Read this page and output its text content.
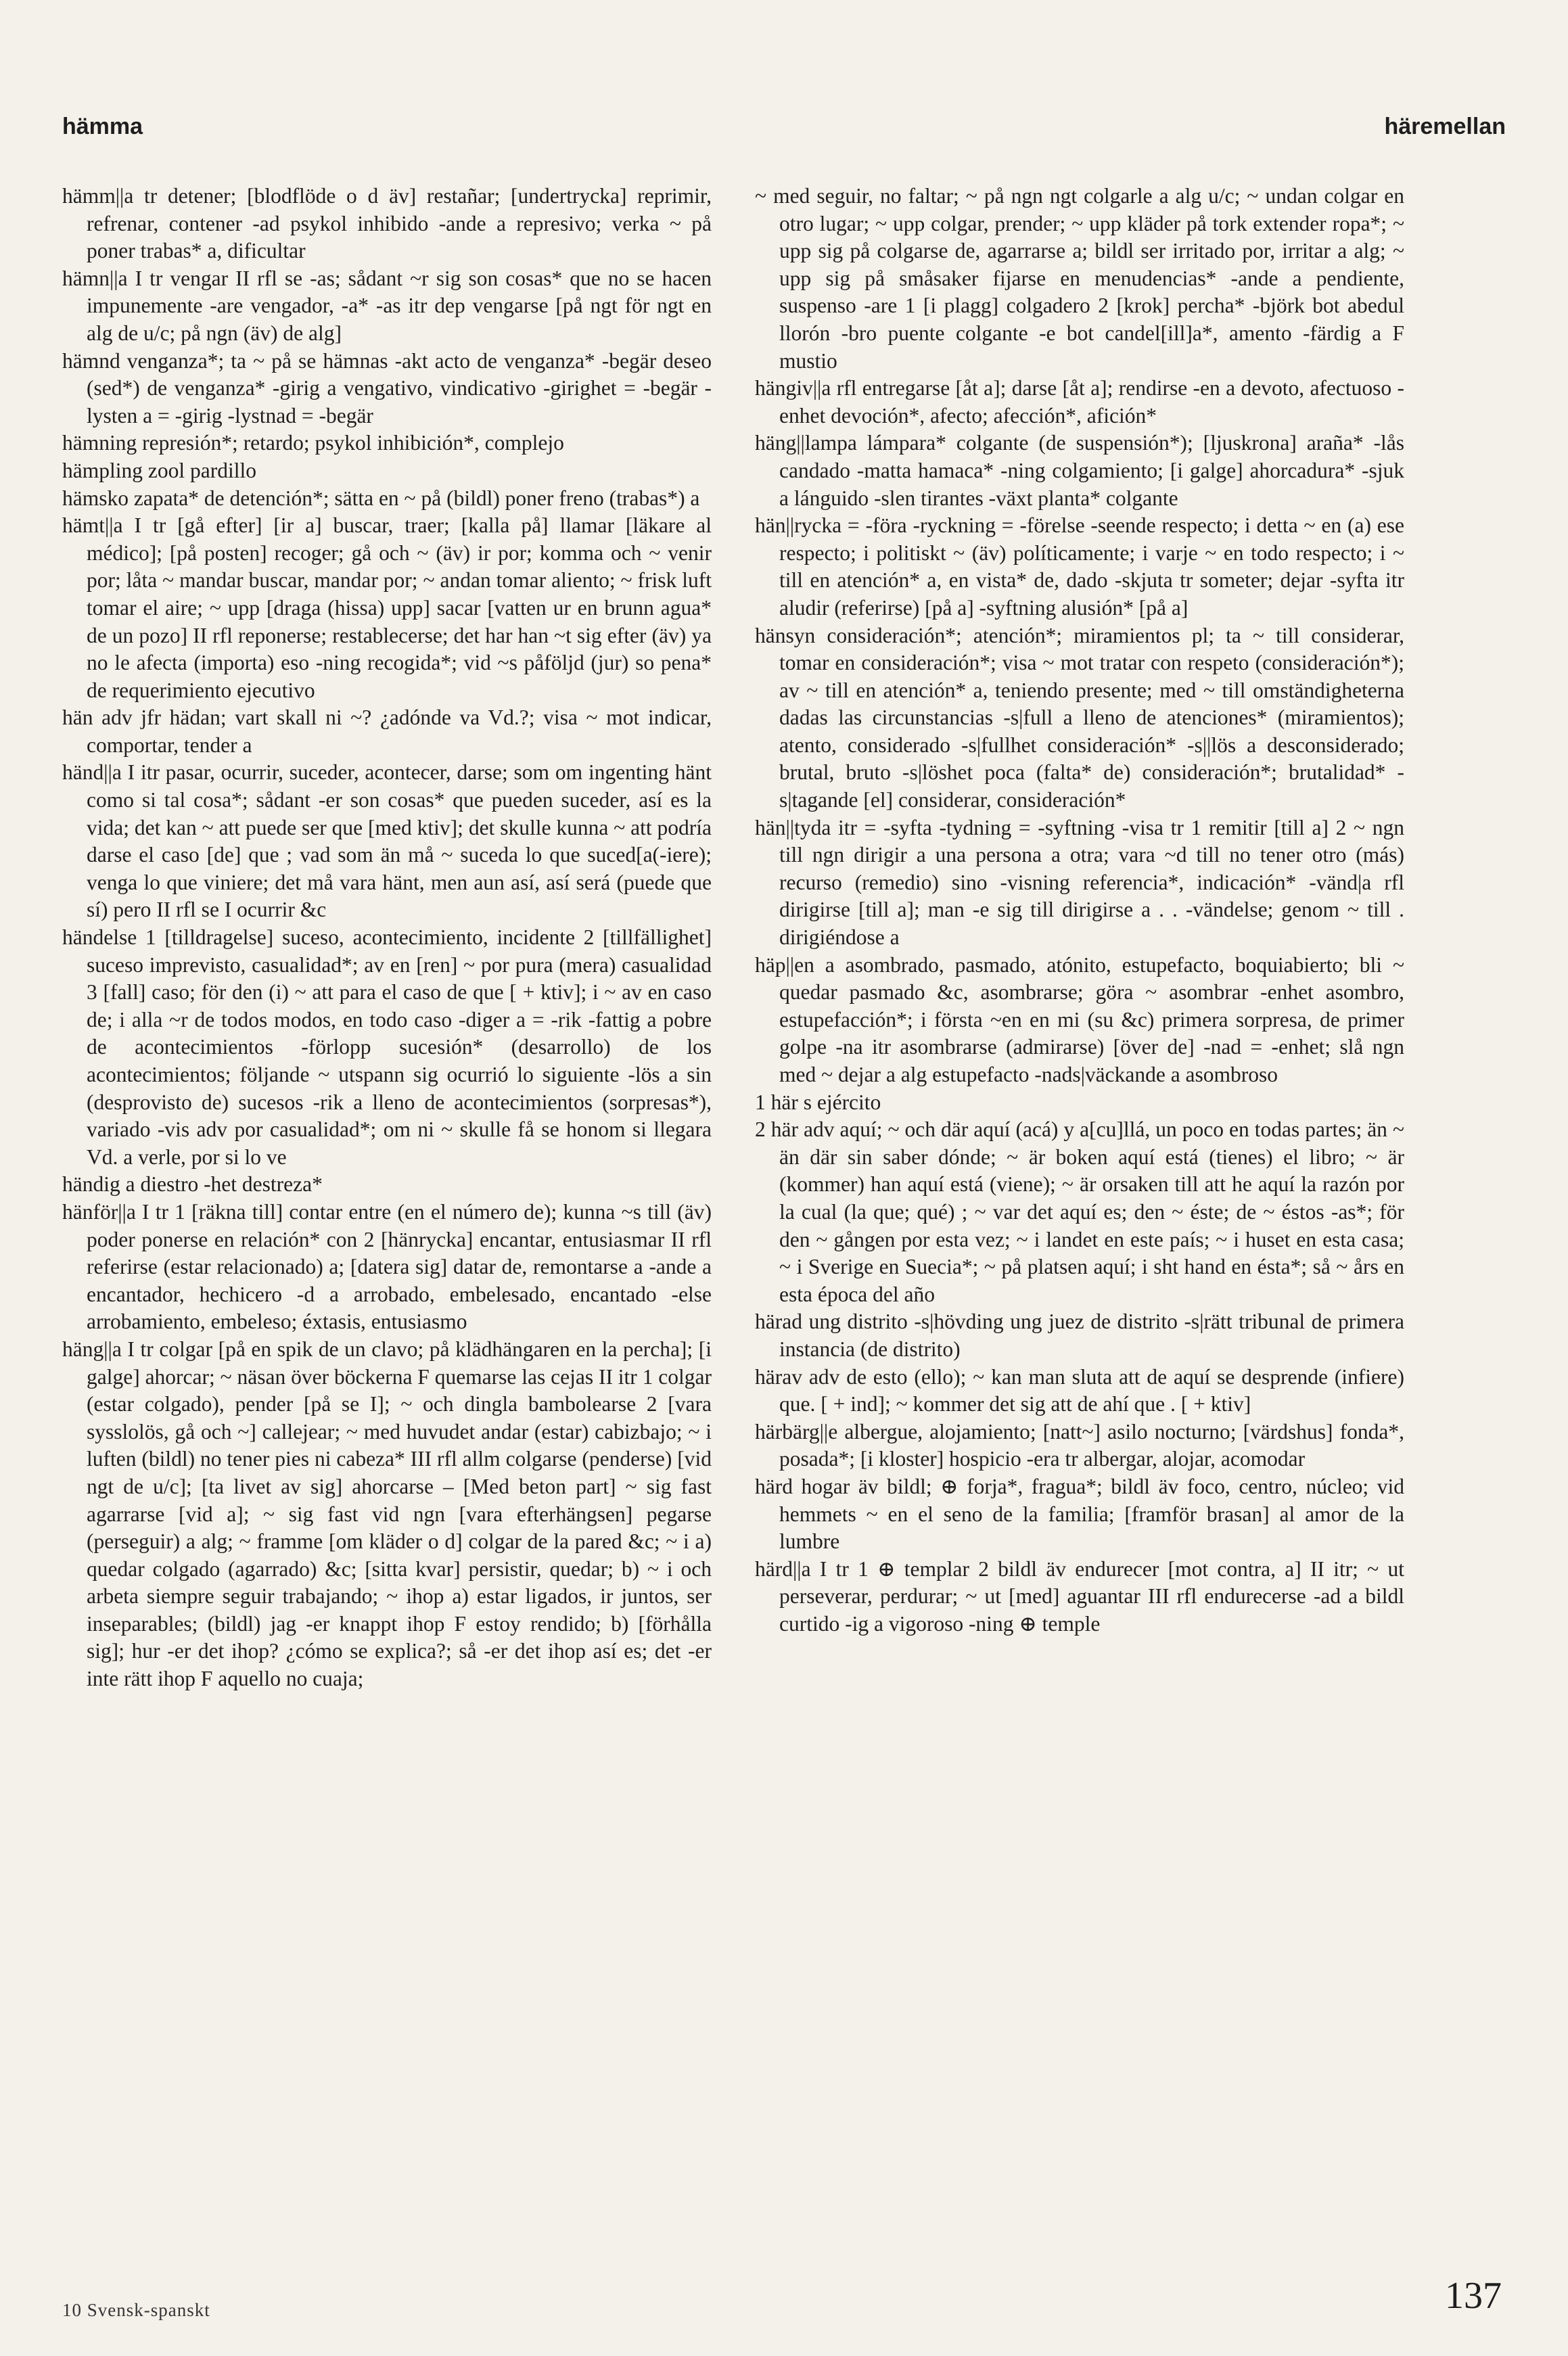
hämma	häremellan

hämm||a tr detener; [blodflöde o d äv] restañar; [undertrycka] reprimir, refrenar, contener -ad psykol inhibido -ande a represivo; verka ~ på poner trabas* a, dificultar

hämn||a I tr vengar II rfl se -as; sådant ~r sig son cosas* que no se hacen impunemente -are vengador, -a* -as itr dep vengarse [på ngt för ngt en alg de u/c; på ngn (äv) de alg]

hämnd venganza*; ta ~ på se hämnas -akt acto de venganza* -begär deseo (sed*) de venganza* -girig a vengativo, vindicativo -girighet = -begär -lysten a = -girig -lystnad = -begär

hämning represión*; retardo; psykol inhibición*, complejo

hämpling zool pardillo

hämsko zapata* de detención*; sätta en ~ på (bildl) poner freno (trabas*) a

hämt||a I tr [gå efter] [ir a] buscar, traer; [kalla på] llamar [läkare al médico]; [på posten] recoger; gå och ~ (äv) ir por; komma och ~ venir por; låta ~ mandar buscar, mandar por; ~ andan tomar aliento; ~ frisk luft tomar el aire; ~ upp [draga (hissa) upp] sacar [vatten ur en brunn agua* de un pozo] II rfl reponerse; restablecerse; det har han ~t sig efter (äv) ya no le afecta (importa) eso -ning recogida*; vid ~s påföljd (jur) so pena* de requerimiento ejecutivo

hän adv jfr hädan; vart skall ni ~? ¿adónde va Vd.?; visa ~ mot indicar, comportar, tender a

händ||a I itr pasar, ocurrir, suceder, acontecer, darse; som om ingenting hänt como si tal cosa*; sådant -er son cosas* que pueden suceder, así es la vida; det kan ~ att puede ser que [med ktiv]; det skulle kunna ~ att podría darse el caso [de] que ; vad som än må ~ suceda lo que suced[a(-iere); venga lo que viniere; det må vara hänt, men aun así, así será (puede que sí) pero II rfl se I ocurrir &c

händelse 1 [tilldragelse] suceso, acontecimiento, incidente 2 [tillfällighet] suceso imprevisto, casualidad*; av en [ren] ~ por pura (mera) casualidad 3 [fall] caso; för den (i) ~ att para el caso de que [ + ktiv]; i ~ av en caso de; i alla ~r de todos modos, en todo caso -diger a = -rik -fattig a pobre de acontecimientos -förlopp sucesión* (desarrollo) de los acontecimientos; följande ~ utspann sig ocurrió lo siguiente -lös a sin (desprovisto de) sucesos -rik a lleno de acontecimientos (sorpresas*), variado -vis adv por casualidad*; om ni ~ skulle få se honom si llegara Vd. a verle, por si lo ve

händig a diestro -het destreza*

hänför||a I tr 1 [räkna till] contar entre (en el número de); kunna ~s till (äv) poder ponerse en relación* con 2 [hänrycka] encantar, entusiasmar II rfl referirse (estar relacionado) a; [datera sig] datar de, remontarse a -ande a encantador, hechicero -d a arrobado, embelesado, encantado -else arrobamiento, embeleso; éxtasis, entusiasmo

häng||a I tr colgar [på en spik de un clavo; på klädhängaren en la percha]; [i galge] ahorcar; ~ näsan över böckerna F quemarse las cejas II itr 1 colgar (estar colgado), pender [på se I]; ~ och dingla bambolearse 2 [vara sysslolös, gå och ~] callejear; ~ med huvudet andar (estar) cabizbajo; ~ i luften (bildl) no tener pies ni cabeza* III rfl allm colgarse (penderse) [vid ngt de u/c]; [ta livet av sig] ahorcarse – [Med beton part] ~ sig fast agarrarse [vid a]; ~ sig fast vid ngn [vara efterhängsen] pegarse (perseguir) a alg; ~ framme [om kläder o d] colgar de la pared &c; ~ i a) quedar colgado (agarrado) &c; [sitta kvar] persistir, quedar; b) ~ i och arbeta siempre seguir trabajando; ~ ihop a) estar ligados, ir juntos, ser inseparables; (bildl) jag -er knappt ihop F estoy rendido; b) [förhålla sig]; hur -er det ihop? ¿cómo se explica?; så -er det ihop así es; det -er inte rätt ihop F aquello no cuaja;

~ med seguir, no faltar; ~ på ngn ngt colgarle a alg u/c; ~ undan colgar en otro lugar; ~ upp colgar, prender; ~ upp kläder på tork extender ropa*; ~ upp sig på colgarse de, agarrarse a; bildl ser irritado por, irritar a alg; ~ upp sig på småsaker fijarse en menudencias* -ande a pendiente, suspenso -are 1 [i plagg] colgadero 2 [krok] percha* -björk bot abedul llorón -bro puente colgante -e bot candel[ill]a*, amento -färdig a F mustio

hängiv||a rfl entregarse [åt a]; darse [åt a]; rendirse -en a devoto, afectuoso -enhet devoción*, afecto; afección*, afición*

häng||lampa lámpara* colgante (de suspensión*); [ljuskrona] araña* -lås candado -matta hamaca* -ning colgamiento; [i galge] ahorcadura* -sjuk a lánguido -slen tirantes -växt planta* colgante

hän||rycka = -föra -ryckning = -förelse -seende respecto; i detta ~ en (a) ese respecto; i politiskt ~ (äv) políticamente; i varje ~ en todo respecto; i ~ till en atención* a, en vista* de, dado -skjuta tr someter; dejar -syfta itr aludir (referirse) [på a] -syftning alusión* [på a]

hänsyn consideración*; atención*; miramientos pl; ta ~ till considerar, tomar en consideración*; visa ~ mot tratar con respeto (consideración*); av ~ till en atención* a, teniendo presente; med ~ till omständigheterna dadas las circunstancias -s|full a lleno de atenciones* (miramientos); atento, considerado -s|fullhet consideración* -s||lös a desconsiderado; brutal, bruto -s|löshet poca (falta* de) consideración*; brutalidad* -s|tagande [el] considerar, consideración*

hän||tyda itr = -syfta -tydning = -syftning -visa tr 1 remitir [till a] 2 ~ ngn till ngn dirigir a una persona a otra; vara ~d till no tener otro (más) recurso (remedio) sino -visning referencia*, indicación* -vänd|a rfl dirigirse [till a]; man -e sig till dirigirse a . . -vändelse; genom ~ till . dirigiéndose a

häp||en a asombrado, pasmado, atónito, estupefacto, boquiabierto; bli ~ quedar pasmado &c, asombrarse; göra ~ asombrar -enhet asombro, estupefacción*; i första ~en en mi (su &c) primera sorpresa, de primer golpe -na itr asombrarse (admirarse) [över de] -nad = -enhet; slå ngn med ~ dejar a alg estupefacto -nads|väckande a asombroso

1 här s ejército

2 här adv aquí; ~ och där aquí (acá) y a[cu]llá, un poco en todas partes; än ~ än där sin saber dónde; ~ är boken aquí está (tienes) el libro; ~ är (kommer) han aquí está (viene); ~ är orsaken till att he aquí la razón por la cual (la que; qué) ; ~ var det aquí es; den ~ éste; de ~ éstos -as*; för den ~ gången por esta vez; ~ i landet en este país; ~ i huset en esta casa; ~ i Sverige en Suecia*; ~ på platsen aquí; i sht hand en ésta*; så ~ års en esta época del año

härad ung distrito -s|hövding ung juez de distrito -s|rätt tribunal de primera instancia (de distrito)

härav adv de esto (ello); ~ kan man sluta att de aquí se desprende (infiere) que. [ + ind]; ~ kommer det sig att de ahí que . [ + ktiv]

härbärg||e albergue, alojamiento; [natt~] asilo nocturno; [värdshus] fonda*, posada*; [i kloster] hospicio -era tr albergar, alojar, acomodar

härd hogar äv bildl; ⊕ forja*, fragua*; bildl äv foco, centro, núcleo; vid hemmets ~ en el seno de la familia; [framför brasan] al amor de la lumbre

härd||a I tr 1 ⊕ templar 2 bildl äv endurecer [mot contra, a] II itr; ~ ut perseverar, perdurar; ~ ut [med] aguantar III rfl endurecerse -ad a bildl curtido -ig a vigoroso -ning ⊕ temple

10 Svensk-spanskt	137
